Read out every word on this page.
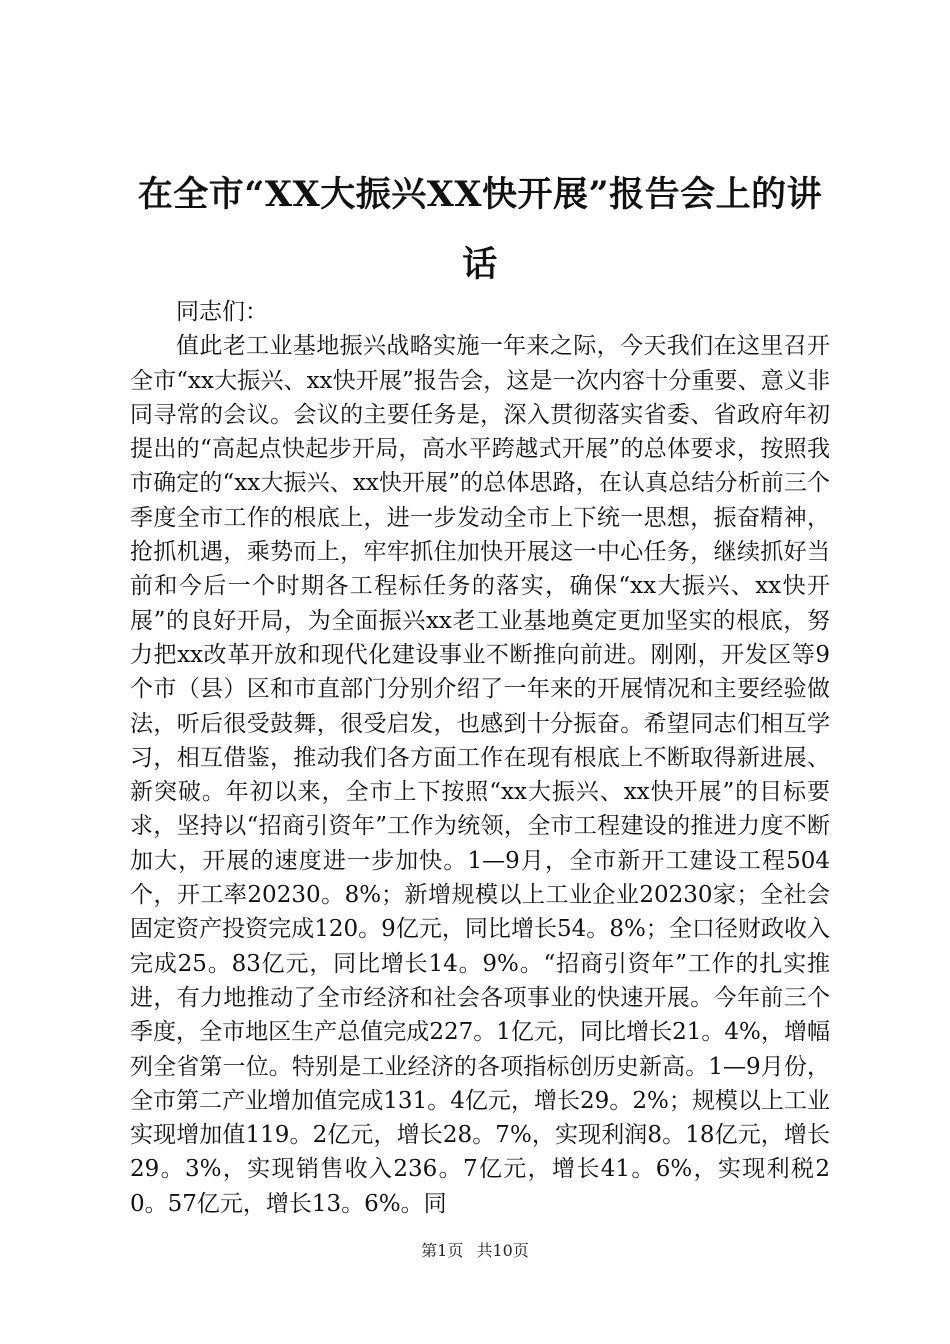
在全市“XX大振兴XX快开展”报告会上的讲
话

同志们：

值此老工业基地振兴战略实施一年来之际，今天我们在这里召开全市“xx大振兴、xx快开展”报告会，这是一次内容十分重要、意义非同寻常的会议。会议的主要任务是，深入贯彻落实省委、省政府年初提出的“高起点快起步开局，高水平跨越式开展”的总体要求，按照我市确定的“xx大振兴、xx快开展”的总体思路，在认真总结分析前三个季度全市工作的根底上，进一步发动全市上下统一思想，振奋精神，抢抓机遇，乘势而上，牢牢抓住加快开展这一中心任务，继续抓好当前和今后一个时期各工程标任务的落实，确保“xx大振兴、xx快开展”的良好开局，为全面振兴xx老工业基地奠定更加坚实的根底，努力把xx改革开放和现代化建设事业不断推向前进。刚刚，开发区等9个市（县）区和市直部门分别介绍了一年来的开展情况和主要经验做法，听后很受鼓舞，很受启发，也感到十分振奋。希望同志们相互学习，相互借鉴，推动我们各方面工作在现有根底上不断取得新进展、新突破。年初以来，全市上下按照“xx大振兴、xx快开展”的目标要求，坚持以“招商引资年”工作为统领，全市工程建设的推进力度不断加大，开展的速度进一步加快。1—9月，全市新开工建设工程504个，开工率20230。8%；新增规模以上工业企业20230家；全社会固定资产投资完成120。9亿元，同比增长54。8%；全口径财政收入完成25。83亿元，同比增长14。9%。“招商引资年”工作的扎实推进，有力地推动了全市经济和社会各项事业的快速开展。今年前三个季度，全市地区生产总值完成227。1亿元，同比增长21。4%，增幅列全省第一位。特别是工业经济的各项指标创历史新高。1—9月份，全市第二产业增加值完成131。4亿元，增长29。2%；规模以上工业实现增加值119。2亿元，增长28。7%，实现利润8。18亿元，增长29。3%，实现销售收入236。7亿元，增长41。6%，实现利税20。57亿元，增长13。6%。同

第1页 共10页
